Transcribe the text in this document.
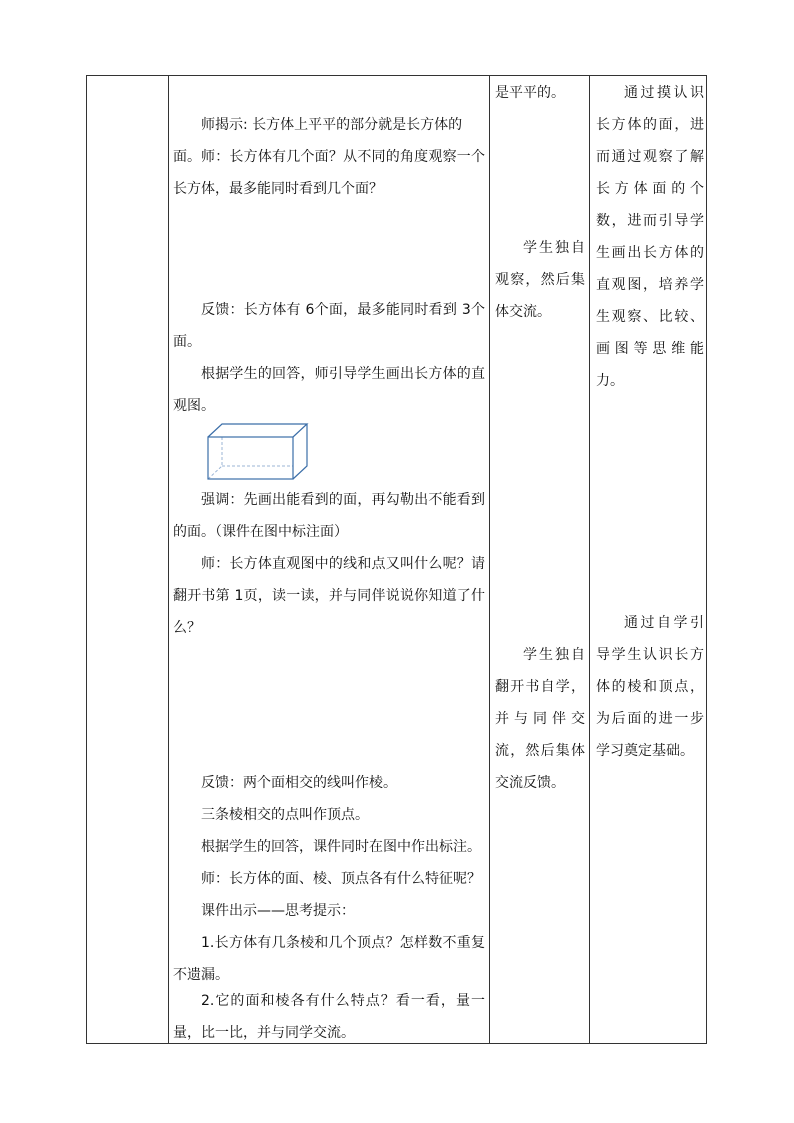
师揭示: 长方体上平平的部分就是长方体的面。 师：长方体有几个面？从不同的角度观察一个长方体，最多能同时看到几个面？

反馈：长方体有 6个面，最多能同时看到 3个面。

根据学生的回答，师引导学生画出长方体的直观图。

强调：先画出能看到的面，再勾勒出不能看到的面。（课件在图中标注面）

师：长方体直观图中的线和点又叫什么呢？请翻开书第 1页，读一读，并与同伴说说你知道了什么？

反馈：两个面相交的线叫作棱。

三条棱相交的点叫作顶点。

根据学生的回答，课件同时在图中作出标注。

师：长方体的面、棱、顶点各有什么特征呢？

课件出示——思考提示：

1.长方体有几条棱和几个顶点？怎样数不重复不遗漏。

2.它的面和棱各有什么特点？看一看，量一量，比一比，并与同学交流。

是平平的。

学生独自观察，然后集体交流。

学生独自翻开书自学，并与同伴交流，然后集体交流反馈。

通过摸认识长方体的面，进而通过观察了解长方体面的个数，进而引导学生画出长方体的直观图，培养学生观察、比较、画图等思维能力。

通过自学引导学生认识长方体的棱和顶点，为后面的进一步学习奠定基础。
